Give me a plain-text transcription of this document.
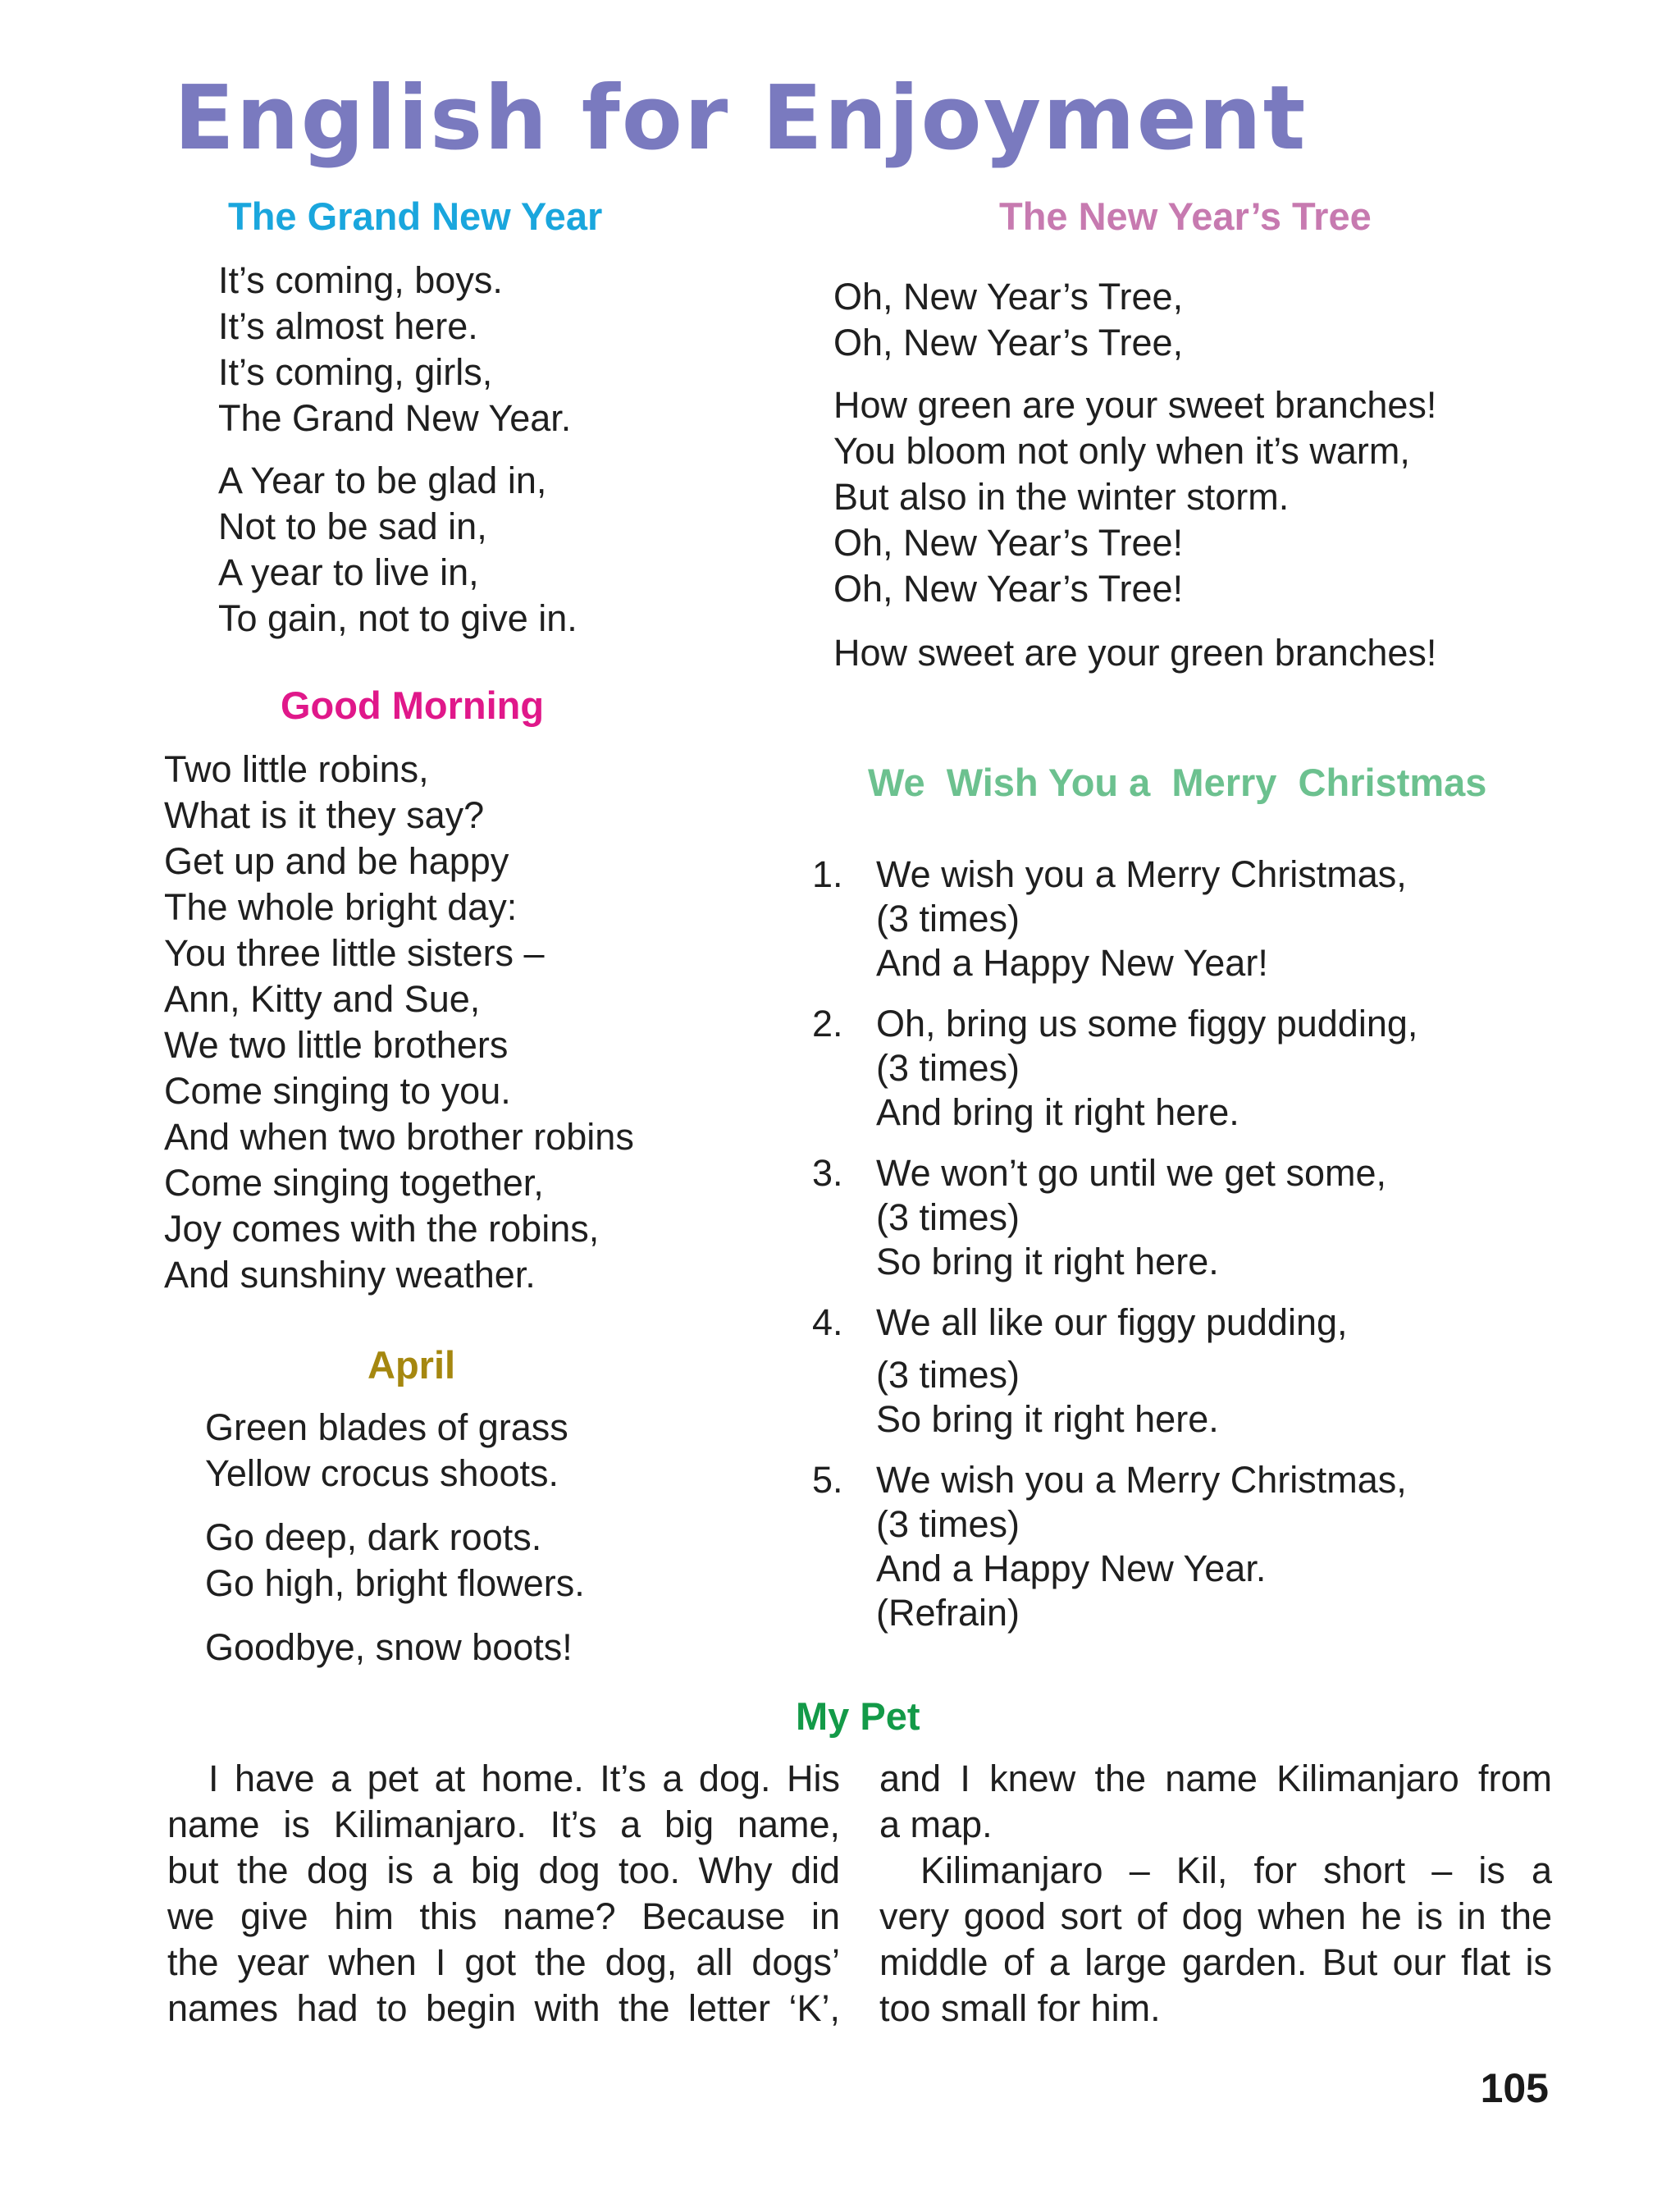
English for Enjoyment
The Grand New Year
It’s coming, boys.
It’s almost here.
It’s coming, girls,
The Grand New Year.
A Year to be glad in,
Not to be sad in,
A year to live in,
To gain, not to give in.
The New Year’s Tree
Oh, New Year’s Tree,
Oh, New Year’s Tree,
How green are your sweet branches!
You bloom not only when it’s warm,
But also in the winter storm.
Oh, New Year’s Tree!
Oh, New Year’s Tree!
How sweet are your green branches!
Good Morning
Two little robins,
What is it they say?
Get up and be happy
The whole bright day:
You three little sisters –
Ann, Kitty and Sue,
We two little brothers
Come singing to you.
And when two brother robins
Come singing together,
Joy comes with the robins,
And sunshiny weather.
April
Green blades of grass
Yellow crocus shoots.
Go deep, dark roots.
Go high, bright flowers.
Goodbye, snow boots!
We  Wish You a  Merry  Christmas
1. We wish you a Merry Christmas,
(3 times)
And a Happy New Year!
2. Oh, bring us some figgy pudding,
(3 times)
And bring it right here.
3. We won’t go until we get some,
(3 times)
So bring it right here.
4. We all like our figgy pudding,
(3 times)
So bring it right here.
5. We wish you a Merry Christmas,
(3 times)
And a Happy New Year.
(Refrain)
My Pet
I have a pet at home. It’s a dog. His
name is Kilimanjaro. It’s a big name,
but the dog is a big dog too. Why did
we give him this name? Because in
the year when I got the dog, all dogs’
names had to begin with the letter ‘K’,
and I knew the name Kilimanjaro from
a map.
Kilimanjaro – Kil, for short – is a
very good sort of dog when he is in the
middle of a large garden. But our flat is
too small for him.
105
